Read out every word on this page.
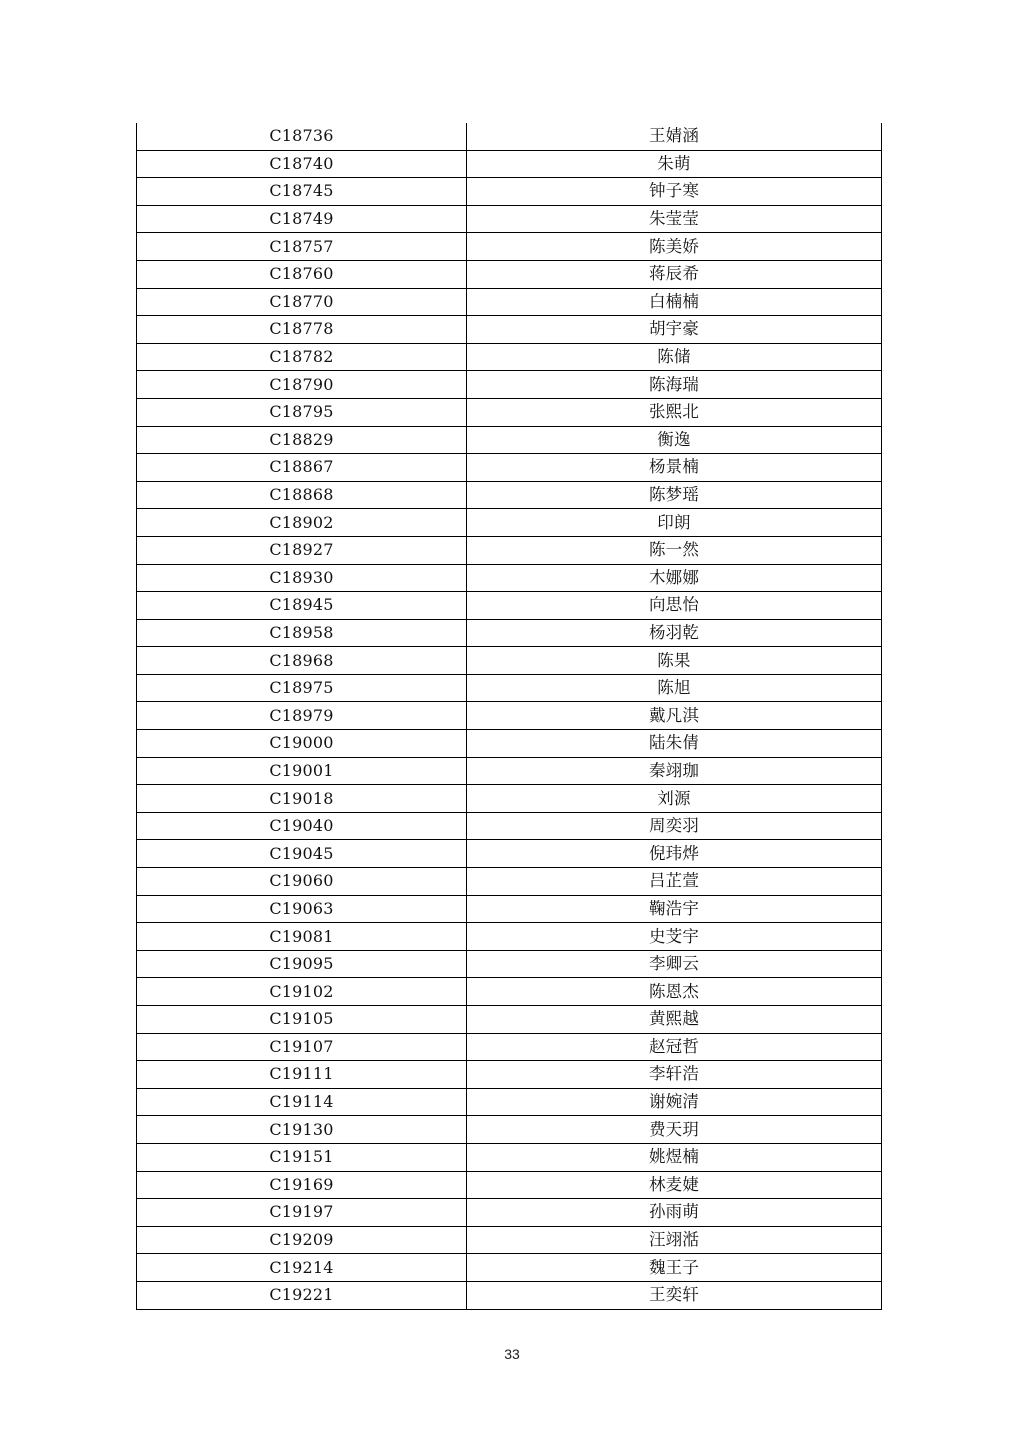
C18736	王婧涵
C18740	朱萌
C18745	钟子寒
C18749	朱莹莹
C18757	陈美娇
C18760	蒋辰希
C18770	白楠楠
C18778	胡宇豪
C18782	陈储
C18790	陈海瑞
C18795	张熙北
C18829	衡逸
C18867	杨景楠
C18868	陈梦瑶
C18902	印朗
C18927	陈一然
C18930	木娜娜
C18945	向思怡
C18958	杨羽乾
C18968	陈果
C18975	陈旭
C18979	戴凡淇
C19000	陆朱倩
C19001	秦翊珈
C19018	刘源
C19040	周奕羽
C19045	倪玮烨
C19060	吕芷萱
C19063	鞠浩宇
C19081	史芠宇
C19095	李卿云
C19102	陈恩杰
C19105	黄熙越
C19107	赵冠哲
C19111	李轩浩
C19114	谢婉清
C19130	费天玥
C19151	姚煜楠
C19169	林麦婕
C19197	孙雨萌
C19209	汪翊湉
C19214	魏王子
C19221	王奕轩
33
